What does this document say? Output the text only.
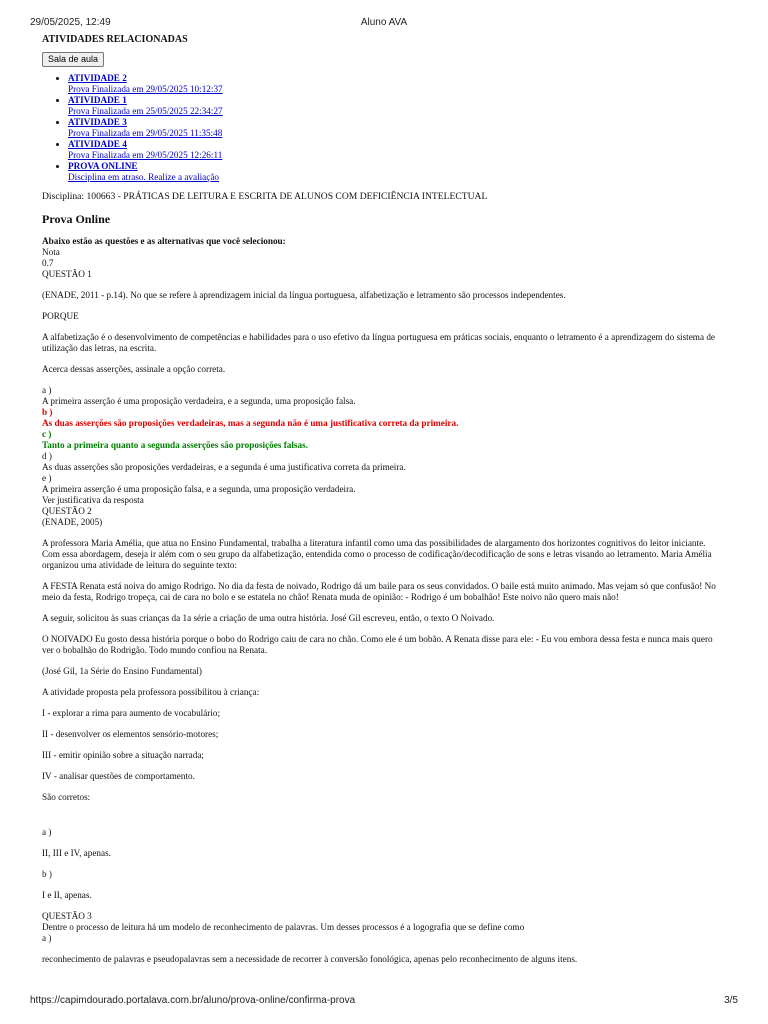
29/05/2025, 12:49	Aluno AVA
ATIVIDADES RELACIONADAS
Sala de aula
• ATIVIDADE 2
Prova Finalizada em 29/05/2025 10:12:37
• ATIVIDADE 1
Prova Finalizada em 25/05/2025 22:34:27
• ATIVIDADE 3
Prova Finalizada em 29/05/2025 11:35:48
• ATIVIDADE 4
Prova Finalizada em 29/05/2025 12:26:11
• PROVA ONLINE
Disciplina em atraso. Realize a avaliação
Disciplina: 100663 - PRÁTICAS DE LEITURA E ESCRITA DE ALUNOS COM DEFICIÊNCIA INTELECTUAL
Prova Online
Abaixo estão as questões e as alternativas que você selecionou:
Nota
0.7
QUESTÃO 1

(ENADE, 2011 - p.14). No que se refere à aprendizagem inicial da língua portuguesa, alfabetização e letramento são processos independentes.

PORQUE

A alfabetização é o desenvolvimento de competências e habilidades para o uso efetivo da língua portuguesa em práticas sociais, enquanto o letramento é a aprendizagem do sistema de utilização das letras, na escrita.

Acerca dessas asserções, assinale a opção correta.

a )
A primeira asserção é uma proposição verdadeira, e a segunda, uma proposição falsa.
b )
As duas asserções são proposições verdadeiras, mas a segunda não é uma justificativa correta da primeira.
c )
Tanto a primeira quanto a segunda asserções são proposições falsas.
d )
As duas asserções são proposições verdadeiras, e a segunda é uma justificativa correta da primeira.
e )
A primeira asserção é uma proposição falsa, e a segunda, uma proposição verdadeira.
Ver justificativa da resposta
QUESTÃO 2
(ENADE, 2005)

A professora Maria Amélia, que atua no Ensino Fundamental, trabalha a literatura infantil como uma das possibilidades de alargamento dos horizontes cognitivos do leitor iniciante. Com essa abordagem, deseja ir além com o seu grupo da alfabetização, entendida como o processo de codificação/decodificação de sons e letras visando ao letramento. Maria Amélia organizou uma atividade de leitura do seguinte texto:

A FESTA Renata está noiva do amigo Rodrigo. No dia da festa de noivado, Rodrigo dá um baile para os seus convidados. O baile está muito animado. Mas vejam só que confusão! No meio da festa, Rodrigo tropeça, cai de cara no bolo e se estatela no chão! Renata muda de opinião: - Rodrigo é um bobalhão! Este noivo não quero mais não!

A seguir, solicitou às suas crianças da 1a série a criação de uma outra história. José Gil escreveu, então, o texto O Noivado.

O NOIVADO Eu gosto dessa história porque o bobo do Rodrigo caiu de cara no chão. Como ele é um bobão. A Renata disse para ele: - Eu vou embora dessa festa e nunca mais quero ver o bobalhão do Rodrigão. Todo mundo confiou na Renata.

(José Gil, 1a Série do Ensino Fundamental)

A atividade proposta pela professora possibilitou à criança:

I - explorar a rima para aumento de vocabulário;

II - desenvolver os elementos sensório-motores;

III - emitir opinião sobre a situação narrada;

IV - analisar questões de comportamento.

São corretos:

a )

II, III e IV, apenas.

b )

I e II, apenas.

QUESTÃO 3
Dentre o processo de leitura há um modelo de reconhecimento de palavras. Um desses processos é a logografia que se define como
a )

reconhecimento de palavras e pseudopalavras sem a necessidade de recorrer à conversão fonológica, apenas pelo reconhecimento de alguns itens.

https://capimdourado.portalava.com.br/aluno/prova-online/confirma-prova	3/5
